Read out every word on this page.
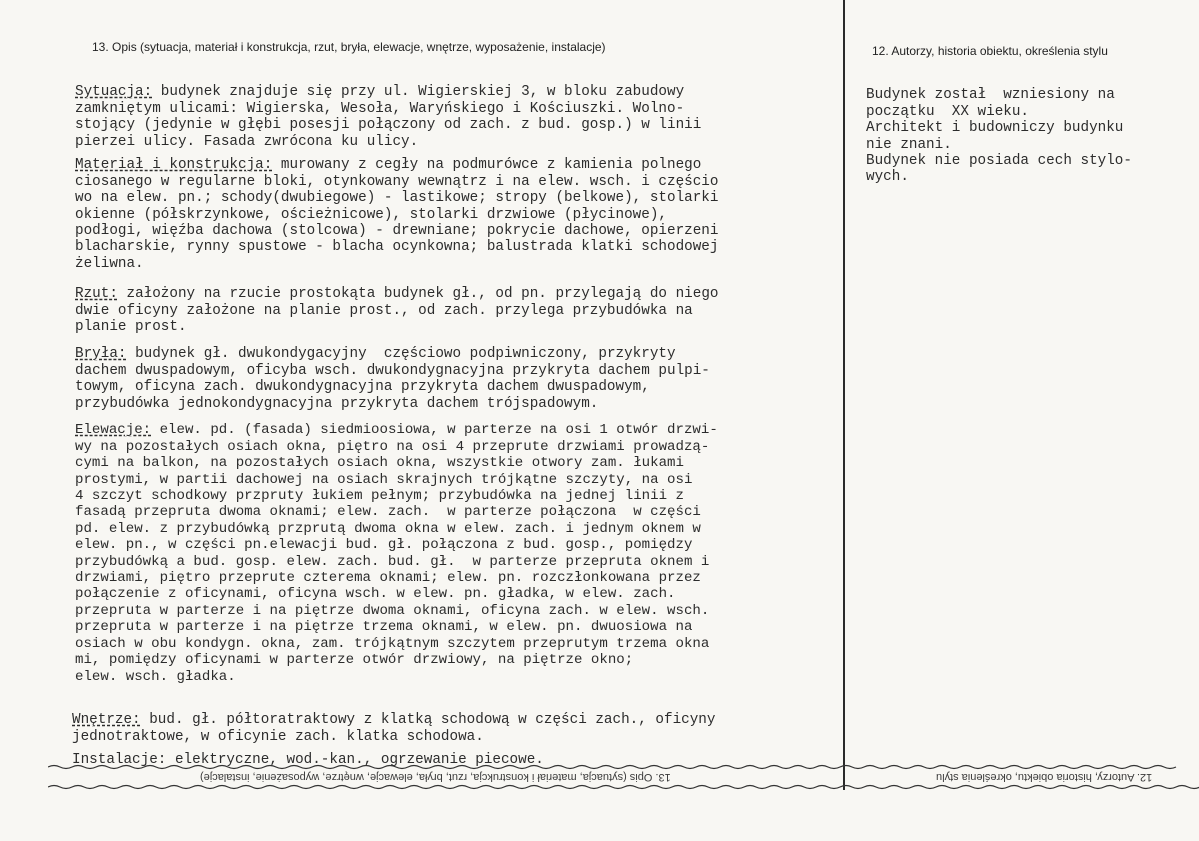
13. Opis (sytuacja, materiał i konstrukcja, rzut, bryła, elewacje, wnętrze, wyposażenie, instalacje)	12. Autorzy, historia obiektu, określenia stylu

Sytuacja: budynek znajduje się przy ul. Wigierskiej 3, w bloku zabudowy
zamkniętym ulicami: Wigierska, Wesoła, Waryńskiego i Kościuszki. Wolno-
stojący (jedynie w głębi posesji połączony od zach. z bud. gosp.) w linii
pierzei ulicy. Fasada zwrócona ku ulicy.

Materiał i konstrukcja: murowany z cegły na podmurówce z kamienia polnego
ciosanego w regularne bloki, otynkowany wewnątrz i na elew. wsch. i częścio
wo na elew. pn.; schody(dwubiegowe) - lastikowe; stropy (belkowe), stolarki
okienne (półskrzynkowe, ościeżnicowe), stolarki drzwiowe (płycinowe),
podłogi, więźba dachowa (stolcowa) - drewniane; pokrycie dachowe, opierzeni
blacharskie, rynny spustowe - blacha ocynkowna; balustrada klatki schodowej
żeliwna.

Rzut: założony na rzucie prostokąta budynek gł., od pn. przylegają do niego
dwie oficyny założone na planie prost., od zach. przylega przybudówka na
planie prost.

Bryła: budynek gł. dwukondygacyjny  częściowo podpiwniczony, przykryty
dachem dwuspadowym, oficyba wsch. dwukondygnacyjna przykryta dachem pulpi-
towym, oficyna zach. dwukondygnacyjna przykryta dachem dwuspadowym,
przybudówka jednokondygnacyjna przykryta dachem trójspadowym.

Elewacje: elew. pd. (fasada) siedmioosiowa, w parterze na osi 1 otwór drzwi-
wy na pozostałych osiach okna, piętro na osi 4 przeprute drzwiami prowadzą-
cymi na balkon, na pozostałych osiach okna, wszystkie otwory zam. łukami
prostymi, w partii dachowej na osiach skrajnych trójkątne szczyty, na osi
4 szczyt schodkowy przpruty łukiem pełnym; przybudówka na jednej linii z
fasadą przepruta dwoma oknami; elew. zach.  w parterze połączona  w części
pd. elew. z przybudówką przprutą dwoma okna w elew. zach. i jednym oknem w
elew. pn., w części pn.elewacji bud. gł. połączona z bud. gosp., pomiędzy
przybudówką a bud. gosp. elew. zach. bud. gł.  w parterze przepruta oknem i
drzwiami, piętro przeprute czterema oknami; elew. pn. rozczłonkowana przez
połączenie z oficynami, oficyna wsch. w elew. pn. gładka, w elew. zach.
przepruta w parterze i na piętrze dwoma oknami, oficyna zach. w elew. wsch.
przepruta w parterze i na piętrze trzema oknami, w elew. pn. dwuosiowa na
osiach w obu kondygn. okna, zam. trójkątnym szczytem przeprutym trzema okna
mi, pomiędzy oficynami w parterze otwór drzwiowy, na piętrze okno;
elew. wsch. gładka.

Wnętrze: bud. gł. półtoratraktowy z klatką schodową w części zach., oficyny
jednotraktowe, w oficynie zach. klatka schodowa.

Instalacje: elektryczne, wod.-kan., ogrzewanie piecowe.

Budynek został  wzniesiony na
początku  XX wieku.
Architekt i budowniczy budynku
nie znani.
Budynek nie posiada cech stylo-
wych.

13. Opis (sytuacja, materiał i konstrukcja, rzut, bryła, elewacje, wnętrze, wyposażenie, instalacje)	12. Autorzy, historia obiektu, określenia stylu
